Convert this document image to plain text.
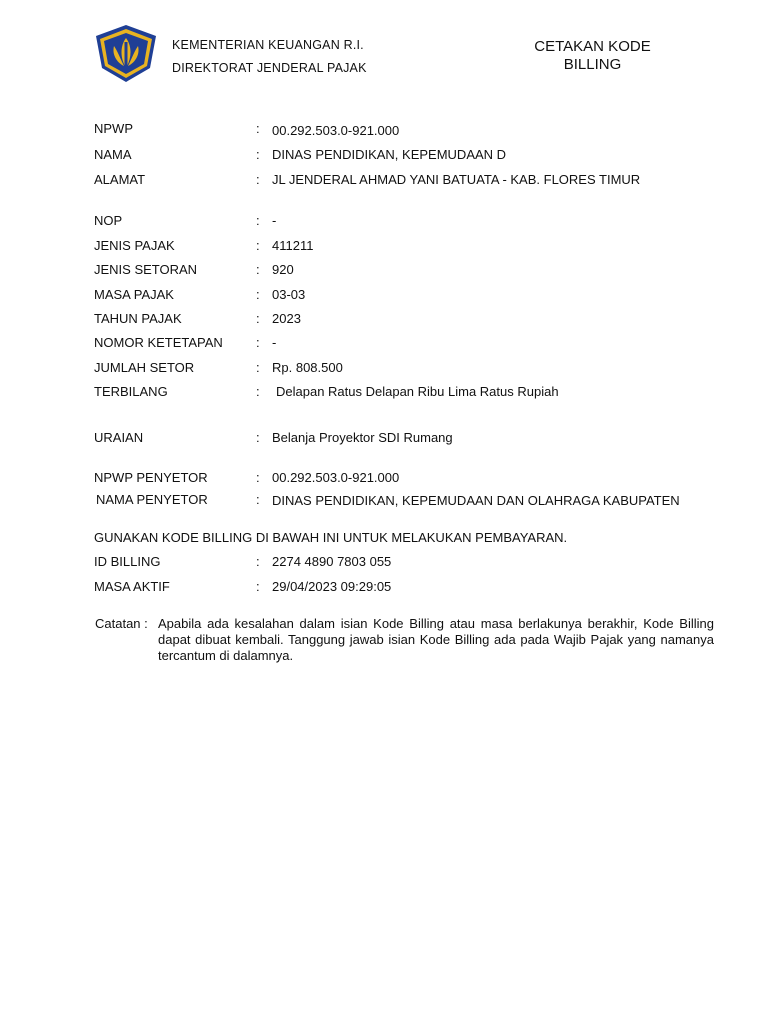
KEMENTERIAN KEUANGAN R.I.
DIREKTORAT JENDERAL PAJAK
CETAKAN KODE
BILLING
NPWP	: 00.292.503.0-921.000
NAMA	: DINAS PENDIDIKAN, KEPEMUDAAN D
ALAMAT	: JL JENDERAL AHMAD YANI BATUATA - KAB. FLORES TIMUR
NOP	: -
JENIS PAJAK	: 411211
JENIS SETORAN	: 920
MASA PAJAK	: 03-03
TAHUN PAJAK	: 2023
NOMOR KETETAPAN	: -
JUMLAH SETOR	: Rp. 808.500
TERBILANG	: Delapan Ratus Delapan Ribu Lima Ratus Rupiah
URAIAN	: Belanja Proyektor SDI Rumang
NPWP PENYETOR	: 00.292.503.0-921.000
NAMA PENYETOR	: DINAS PENDIDIKAN, KEPEMUDAAN DAN OLAHRAGA KABUPATEN
GUNAKAN KODE BILLING DI BAWAH INI UNTUK MELAKUKAN PEMBAYARAN.
ID BILLING	: 2274 4890 7803 055
MASA AKTIF	: 29/04/2023 09:29:05
Catatan : Apabila ada kesalahan dalam isian Kode Billing atau masa berlakunya berakhir, Kode Billing dapat dibuat kembali. Tanggung jawab isian Kode Billing ada pada Wajib Pajak yang namanya tercantum di dalamnya.
